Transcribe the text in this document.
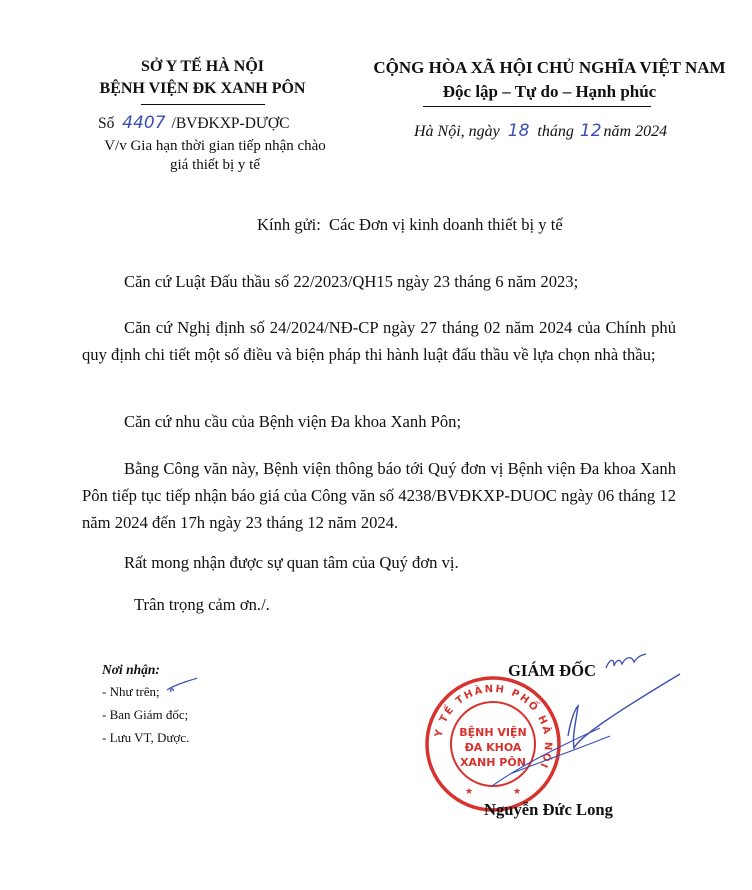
SỞ Y TẾ HÀ NỘI
BỆNH VIỆN ĐK XANH PÔN
Số 4407 /BVĐKXP-DƯỢC
V/v Gia hạn thời gian tiếp nhận chào
giá thiết bị y tế
CỘNG HÒA XÃ HỘI CHỦ NGHĨA VIỆT NAM
Độc lập – Tự do – Hạnh phúc
Hà Nội, ngày 18 tháng 12 năm 2024
Kính gửi: Các Đơn vị kinh doanh thiết bị y tế
Căn cứ Luật Đấu thầu số 22/2023/QH15 ngày 23 tháng 6 năm 2023;
Căn cứ Nghị định số 24/2024/NĐ-CP ngày 27 tháng 02 năm 2024 của Chính phủ quy định chi tiết một số điều và biện pháp thi hành luật đấu thầu về lựa chọn nhà thầu;
Căn cứ nhu cầu của Bệnh viện Đa khoa Xanh Pôn;
Bằng Công văn này, Bệnh viện thông báo tới Quý đơn vị Bệnh viện Đa khoa Xanh Pôn tiếp tục tiếp nhận báo giá của Công văn số 4238/BVĐKXP-DUOC ngày 06 tháng 12 năm 2024 đến 17h ngày 23 tháng 12 năm 2024.
Rất mong nhận được sự quan tâm của Quý đơn vị.
Trân trọng cảm ơn./.
Nơi nhận:
- Như trên;
- Ban Giám đốc;
- Lưu VT, Dược.
GIÁM ĐỐC
Y TẾ THÀNH PHỐ HÀ NỘI
BỆNH VIỆN
ĐA KHOA
XANH PÔN
★	★
Nguyễn Đức Long
